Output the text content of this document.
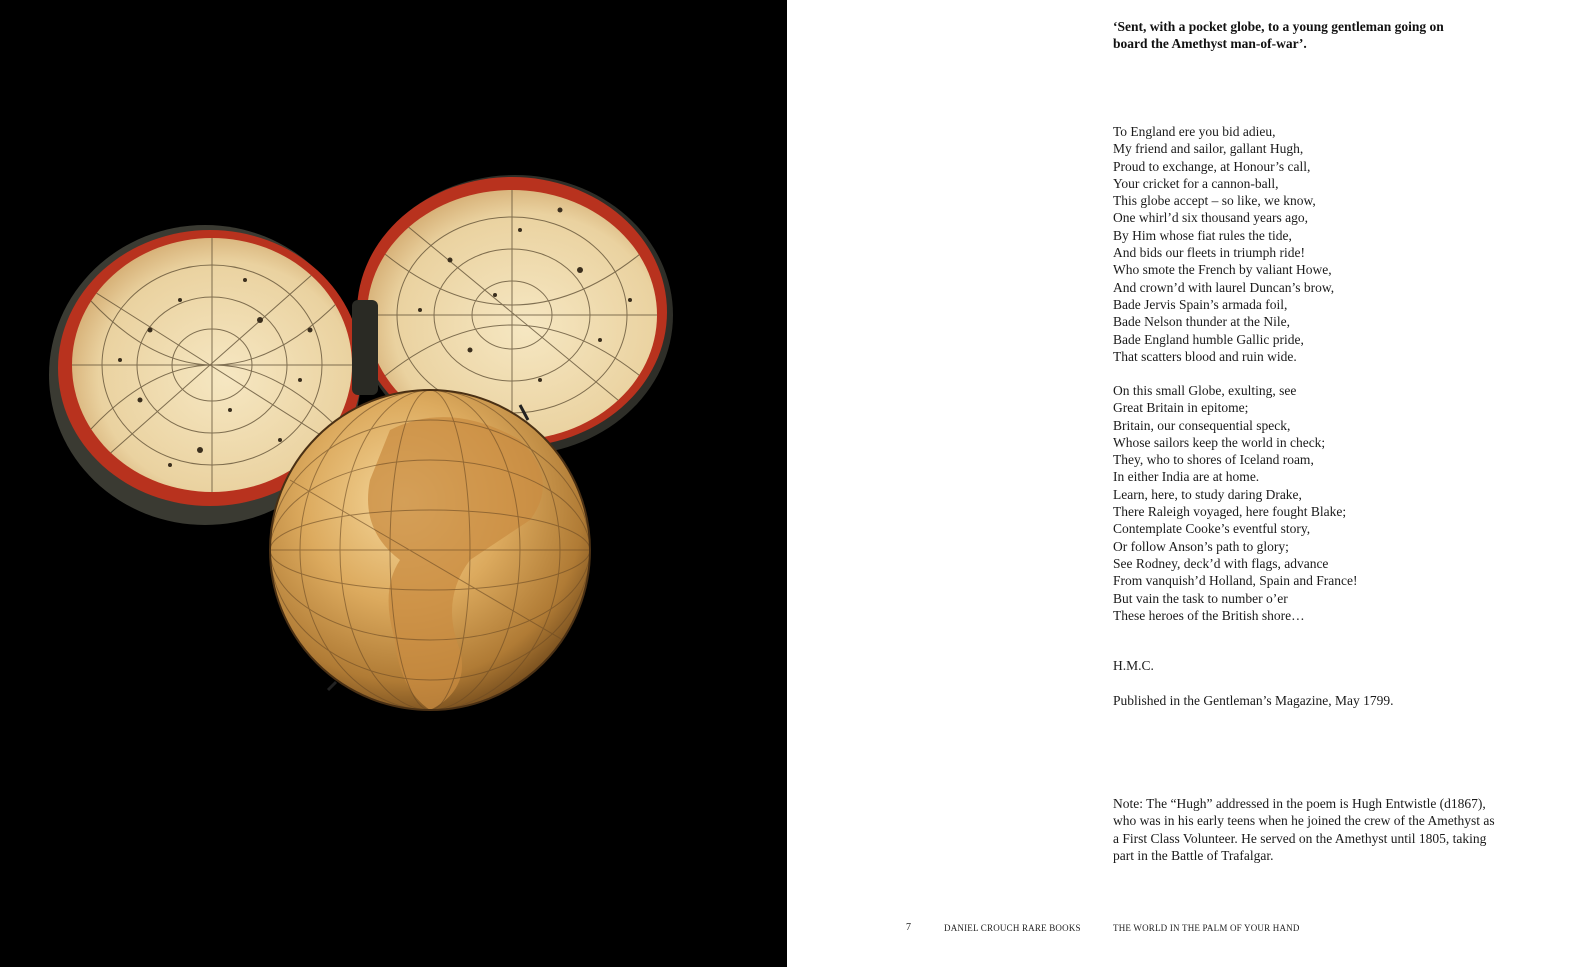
‘Sent, with a pocket globe, to a young gentleman going on board the Amethyst man-of-war’.
To England ere you bid adieu,
My friend and sailor, gallant Hugh,
Proud to exchange, at Honour’s call,
Your cricket for a cannon-ball,
This globe accept – so like, we know,
One whirl’d six thousand years ago,
By Him whose fiat rules the tide,
And bids our fleets in triumph ride!
Who smote the French by valiant Howe,
And crown’d with laurel Duncan’s brow,
Bade Jervis Spain’s armada foil,
Bade Nelson thunder at the Nile,
Bade England humble Gallic pride,
That scatters blood and ruin wide.
On this small Globe, exulting, see
Great Britain in epitome;
Britain, our consequential speck,
Whose sailors keep the world in check;
They, who to shores of Iceland roam,
In either India are at home.
Learn, here, to study daring Drake,
There Raleigh voyaged, here fought Blake;
Contemplate Cooke’s eventful story,
Or follow Anson’s path to glory;
See Rodney, deck’d with flags, advance
From vanquish’d Holland, Spain and France!
But vain the task to number o’er
These heroes of the British shore…
H.M.C.
Published in the Gentleman’s Magazine, May 1799.
Note: The “Hugh” addressed in the poem is Hugh Entwistle (d1867), who was in his early teens when he joined the crew of the Amethyst as a First Class Volunteer. He served on the Amethyst until 1805, taking part in the Battle of Trafalgar.
7	DANIEL CROUCH RARE BOOKS	THE WORLD IN THE PALM OF YOUR HAND
